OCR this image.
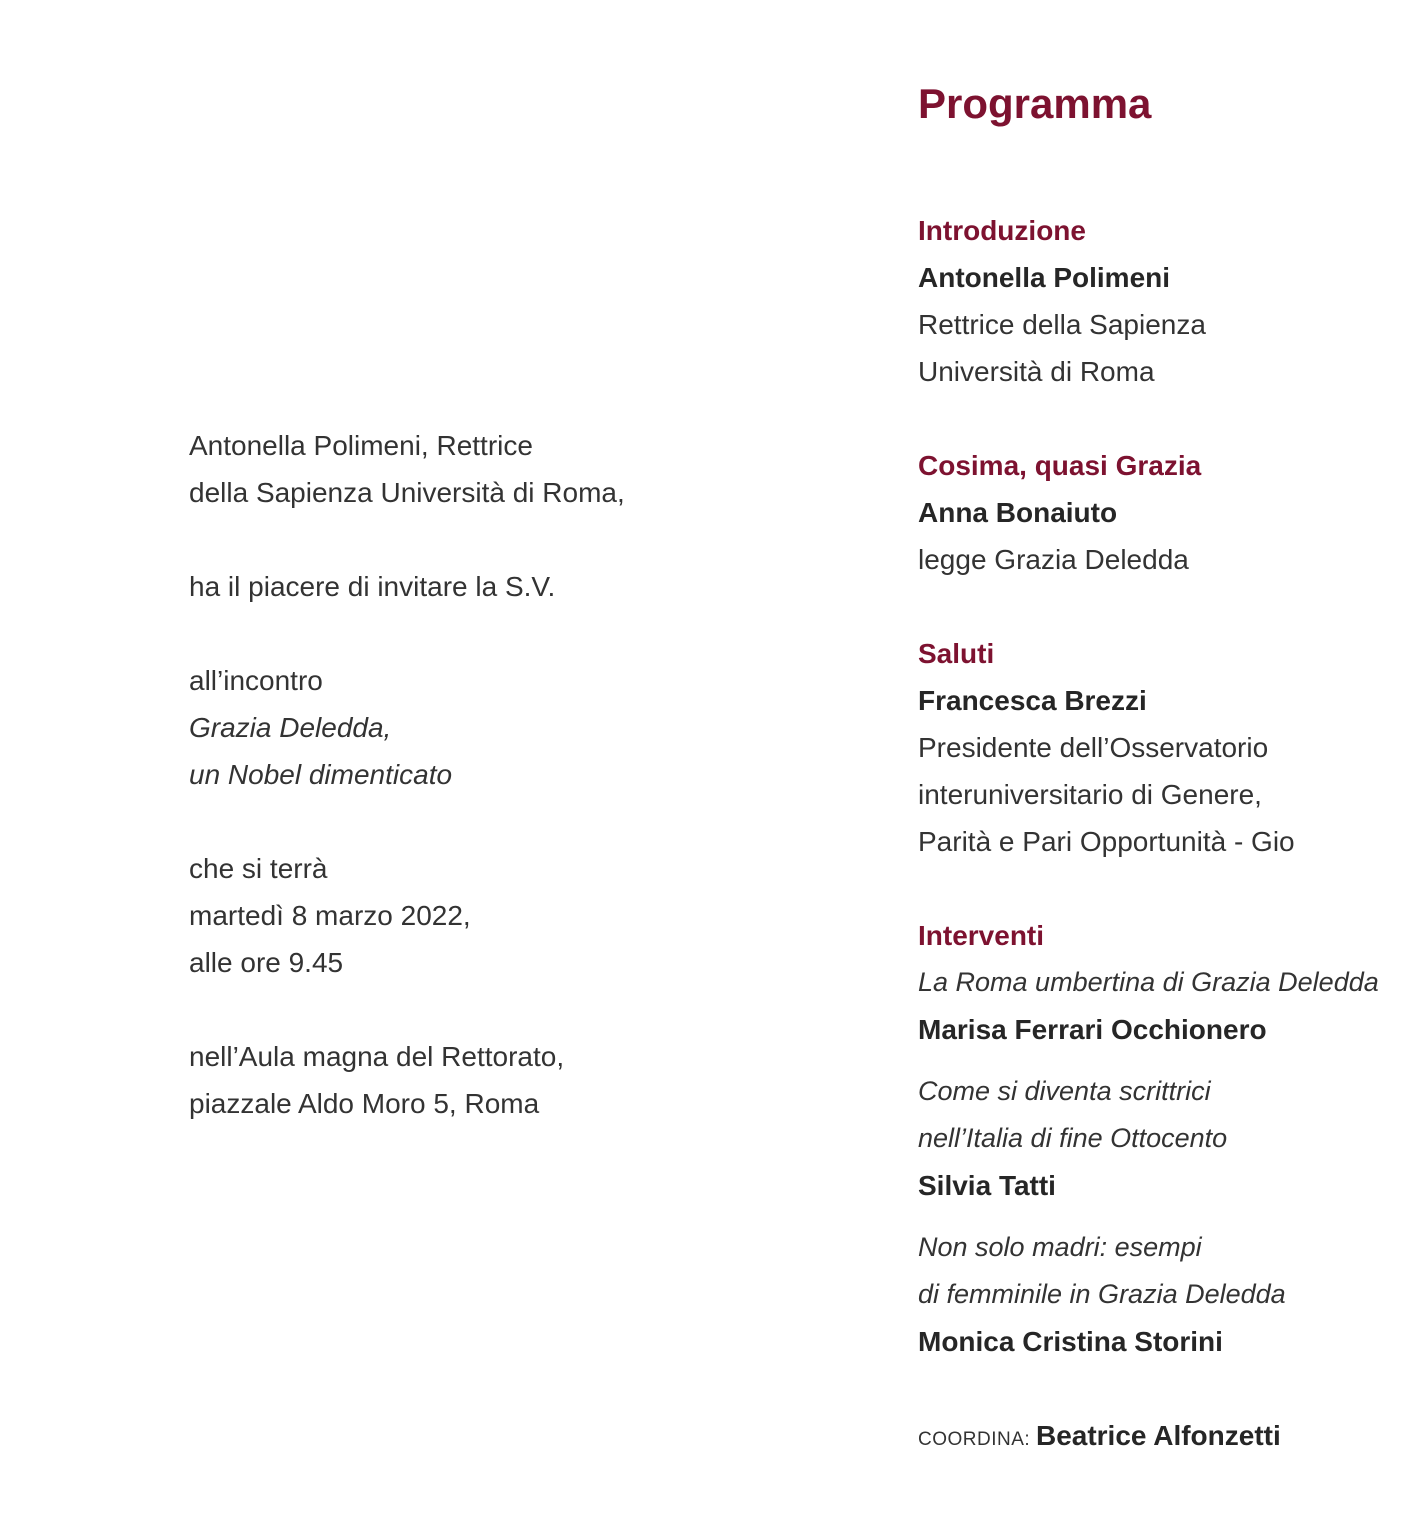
Antonella Polimeni, Rettrice
della Sapienza Università di Roma,

ha il piacere di invitare la S.V.

all’incontro
Grazia Deledda,
un Nobel dimenticato

che si terrà
martedì 8 marzo 2022,
alle ore 9.45

nell’Aula magna del Rettorato,
piazzale Aldo Moro 5, Roma

Programma
Introduzione
Antonella Polimeni
Rettrice della Sapienza
Università di Roma
Cosima, quasi Grazia
Anna Bonaiuto
legge Grazia Deledda
Saluti
Francesca Brezzi
Presidente dell’Osservatorio
interuniversitario di Genere,
Parità e Pari Opportunità - Gio
Interventi
La Roma umbertina di Grazia Deledda
Marisa Ferrari Occhionero
Come si diventa scrittrici
nell’Italia di fine Ottocento
Silvia Tatti
Non solo madri: esempi
di femminile in Grazia Deledda
Monica Cristina Storini
COORDINA: Beatrice Alfonzetti
